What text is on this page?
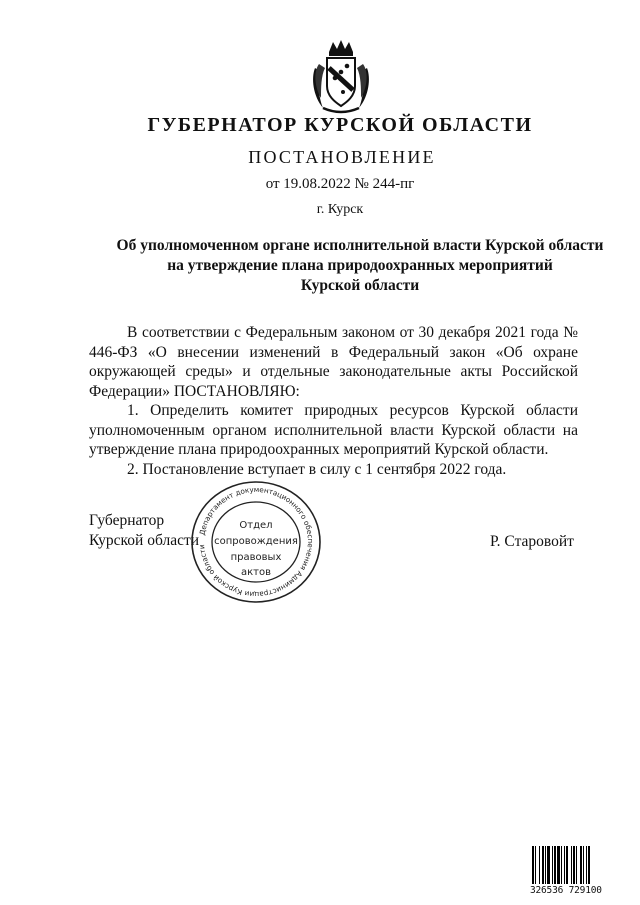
ГУБЕРНАТОР КУРСКОЙ ОБЛАСТИ
ПОСТАНОВЛЕНИЕ
от 19.08.2022 № 244-пг
г. Курск
Об уполномоченном органе исполнительной власти Курской области
на утверждение плана природоохранных мероприятий
Курской области

В соответствии с Федеральным законом от 30 декабря 2021 года № 446-ФЗ «О внесении изменений в Федеральный закон «Об охране окружающей среды» и отдельные законодательные акты Российской Федерации» ПОСТАНОВЛЯЮ:

1. Определить комитет природных ресурсов Курской области уполномоченным органом исполнительной власти Курской области на утверждение плана природоохранных мероприятий Курской области.

2. Постановление вступает в силу с 1 сентября 2022 года.

Губернатор
Курской области	Р. Старовойт
Департамент документационного обеспечения Администрации Курской области
Отдел
сопровождения
правовых
актов
326536 729100
